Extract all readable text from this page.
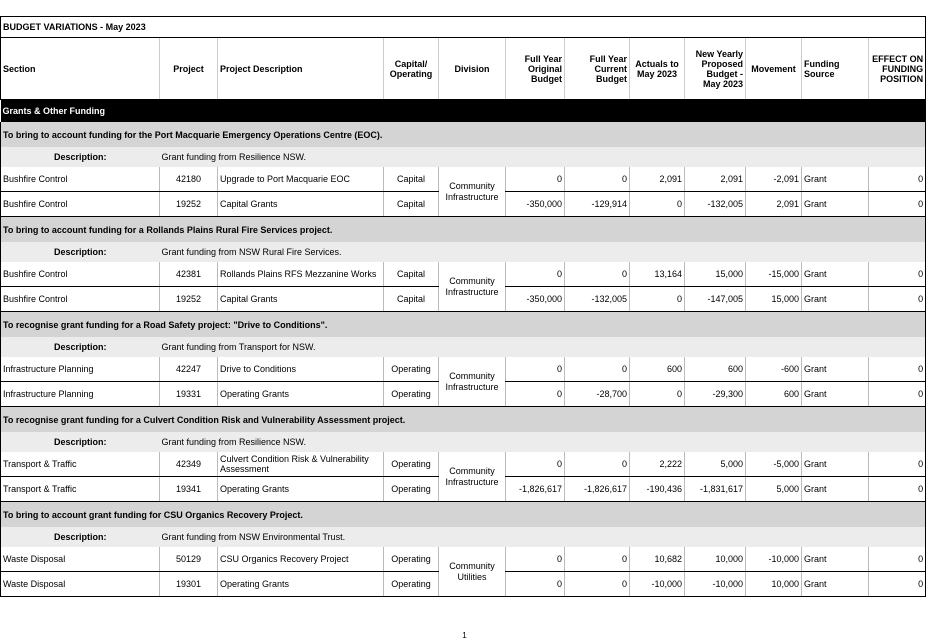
BUDGET VARIATIONS - May 2023											
Section	Project	Project Description	Capital/ Operating	Division	Full Year Original Budget	Full Year Current Budget	Actuals to May 2023	New Yearly Proposed Budget - May 2023	Movement	Funding Source	EFFECT ON FUNDING POSITION
Grants & Other Funding											
To bring to account funding for the Port Macquarie Emergency Operations Centre (EOC).											
Description:	Grant funding from Resilience NSW.										
Bushfire Control	42180	Upgrade to Port Macquarie EOC	Capital	Community Infrastructure	0	0	2,091	2,091	-2,091	Grant	0
Bushfire Control	19252	Capital Grants	Capital		-350,000	-129,914	0	-132,005	2,091	Grant	0
To bring to account funding for a Rollands Plains Rural Fire Services project.											
Description:	Grant funding from NSW Rural Fire Services.										
Bushfire Control	42381	Rollands Plains RFS Mezzanine Works	Capital	Community Infrastructure	0	0	13,164	15,000	-15,000	Grant	0
Bushfire Control	19252	Capital Grants	Capital		-350,000	-132,005	0	-147,005	15,000	Grant	0
To recognise grant funding for a Road Safety project: "Drive to Conditions".											
Description:	Grant funding from Transport for NSW.										
Infrastructure Planning	42247	Drive to Conditions	Operating	Community Infrastructure	0	0	600	600	-600	Grant	0
Infrastructure Planning	19331	Operating Grants	Operating		0	-28,700	0	-29,300	600	Grant	0
To recognise grant funding for a Culvert Condition Risk and Vulnerability Assessment project.											
Description:	Grant funding from Resilience NSW.										
Transport & Traffic	42349	Culvert Condition Risk & Vulnerability Assessment	Operating	Community Infrastructure	0	0	2,222	5,000	-5,000	Grant	0
Transport & Traffic	19341	Operating Grants	Operating		-1,826,617	-1,826,617	-190,436	-1,831,617	5,000	Grant	0
To bring to account grant funding for CSU Organics Recovery Project.											
Description:	Grant funding from NSW Environmental Trust.										
Waste Disposal	50129	CSU Organics Recovery Project	Operating	Community Utilities	0	0	10,682	10,000	-10,000	Grant	0
Waste Disposal	19301	Operating Grants	Operating		0	0	-10,000	-10,000	10,000	Grant	0
1
